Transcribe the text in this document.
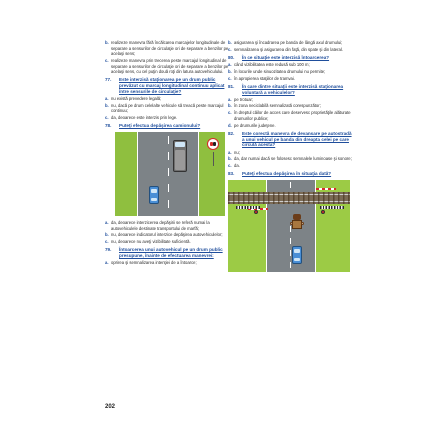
b. realizeze manevra fără încălcarea marcajelor longitudinale de separare a sensurilor de circulaţie ori de separare a benzilor pe acelaşi sens;
c. realizeze manevra prin trecerea peste marcajul longitudinal de separare a sensurilor de circulaţie ori de separare a benzilor pe acelaşi sens, cu cel puţin două roţi din latura autovehiculului.
77. Este interzisă staţionarea pe un drum public prevăzut cu marcaj longitudinal continuu aplicat între sensurile de circulaţie?
a. nu există prevedere legală;
b. nu, dacă pe drum celelalte vehicule să treacă peste marcajul continuu;
c. da, deoarece este interzis prin lege.
78. Puteţi efectua depăşirea camionului?
a. da, deoarece interzicerea depăşirii se referă numai la autovehiculele destinate transportului de marfă;
b. nu, deoarece indicatorul interzice depăşirea autovehiculelor;
c. nu, deoarece nu aveţi vizibilitate suficientă.
79. Întoarcerea unui autovehicul pe un drum public presupune, înainte de efectuarea manevrei:
a. oprirea şi semnalizarea intenţiei de a întoarce;
b. asigurarea şi încadrarea pe banda de lângă axul drumului;
c. semnalizarea şi asigurarea din faţă, din spate şi din lateral.
80. În ce situaţie este interzisă întoarcerea?
a. când vizibilitatea este redusă sub 100 m;
b. în locurile unde sinuozitatea drumului nu permite;
c. în apropierea staţiilor de tramvai.
81. În care dintre situaţii este interzisă staţionarea voluntară a vehiculelor?
a. pe trotuar;
b. în zona neciclabilă semnalizată corespunzător;
c. în dreptul căilor de acces care deservesc proprietăţile alăturate drumurilor publice;
d. pe drumurile judeţene.
82. Este corectă manevra de devansare pe autostradă a unui vehicul pe banda din dreapta celei pe care circulă acesta?
a. nu;
b. da, dar numai dacă se folosesc semnalele luminoase şi sonore;
c. da.
83. Puteţi efectua depăşirea în situaţia dată?
202
